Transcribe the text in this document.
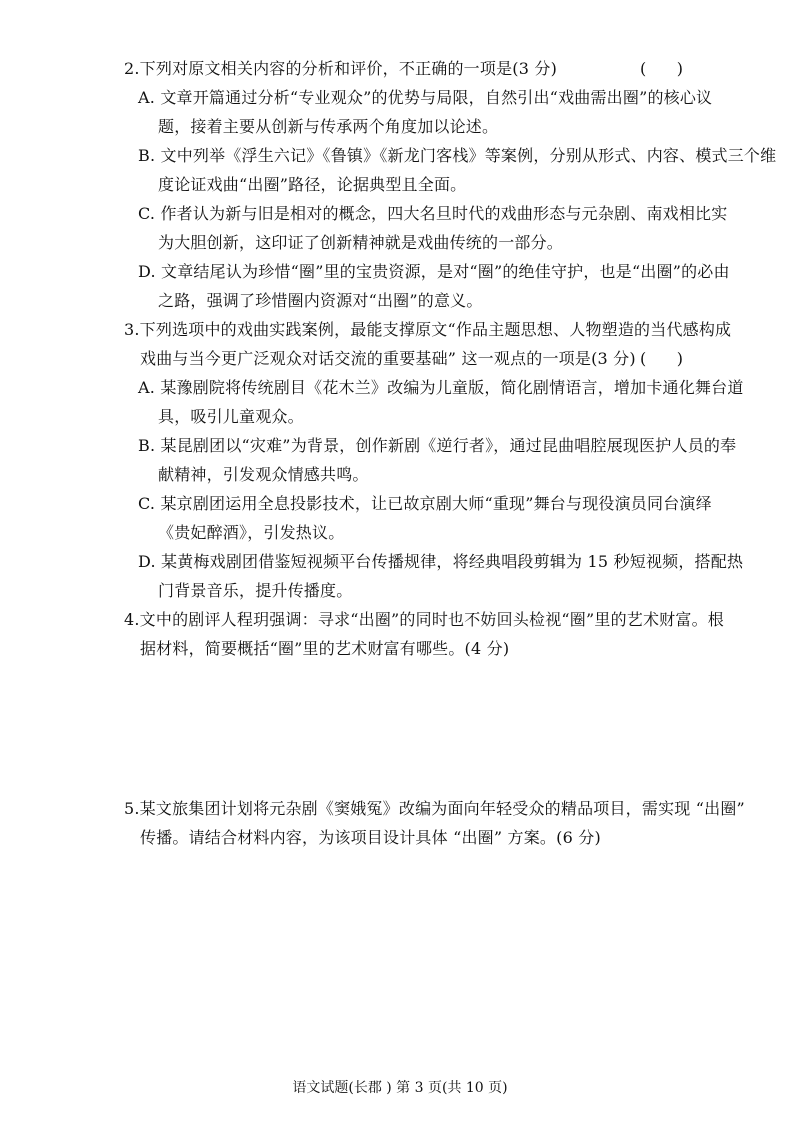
2.下列对原文相关内容的分析和评价，不正确的一项是(3 分)	(      )
A. 文章开篇通过分析“专业观众”的优势与局限，自然引出“戏曲需出圈”的核心议
题，接着主要从创新与传承两个角度加以论述。
B. 文中列举《浮生六记》《鲁镇》《新龙门客栈》等案例，分别从形式、内容、模式三个维
度论证戏曲“出圈”路径，论据典型且全面。
C. 作者认为新与旧是相对的概念，四大名旦时代的戏曲形态与元杂剧、南戏相比实
为大胆创新，这印证了创新精神就是戏曲传统的一部分。
D. 文章结尾认为珍惜“圈”里的宝贵资源，是对“圈”的绝佳守护，也是“出圈”的必由
之路，强调了珍惜圈内资源对“出圈”的意义。
3.下列选项中的戏曲实践案例，最能支撑原文“作品主题思想、人物塑造的当代感构成
戏曲与当今更广泛观众对话交流的重要基础” 这一观点的一项是(3 分) (      )
A. 某豫剧院将传统剧目《花木兰》改编为儿童版，简化剧情语言，增加卡通化舞台道
具，吸引儿童观众。
B. 某昆剧团以“灾难”为背景，创作新剧《逆行者》，通过昆曲唱腔展现医护人员的奉
献精神，引发观众情感共鸣。
C. 某京剧团运用全息投影技术，让已故京剧大师“重现”舞台与现役演员同台演绎
《贵妃醉酒》，引发热议。
D. 某黄梅戏剧团借鉴短视频平台传播规律，将经典唱段剪辑为 15 秒短视频，搭配热
门背景音乐，提升传播度。
4.文中的剧评人程玥强调：寻求“出圈”的同时也不妨回头检视“圈”里的艺术财富。根
据材料，简要概括“圈”里的艺术财富有哪些。(4 分)
5.某文旅集团计划将元杂剧《窦娥冤》改编为面向年轻受众的精品项目，需实现 “出圈”
传播。请结合材料内容，为该项目设计具体 “出圈” 方案。(6 分)
语文试题(长郡 ) 第 3 页(共 10 页)
